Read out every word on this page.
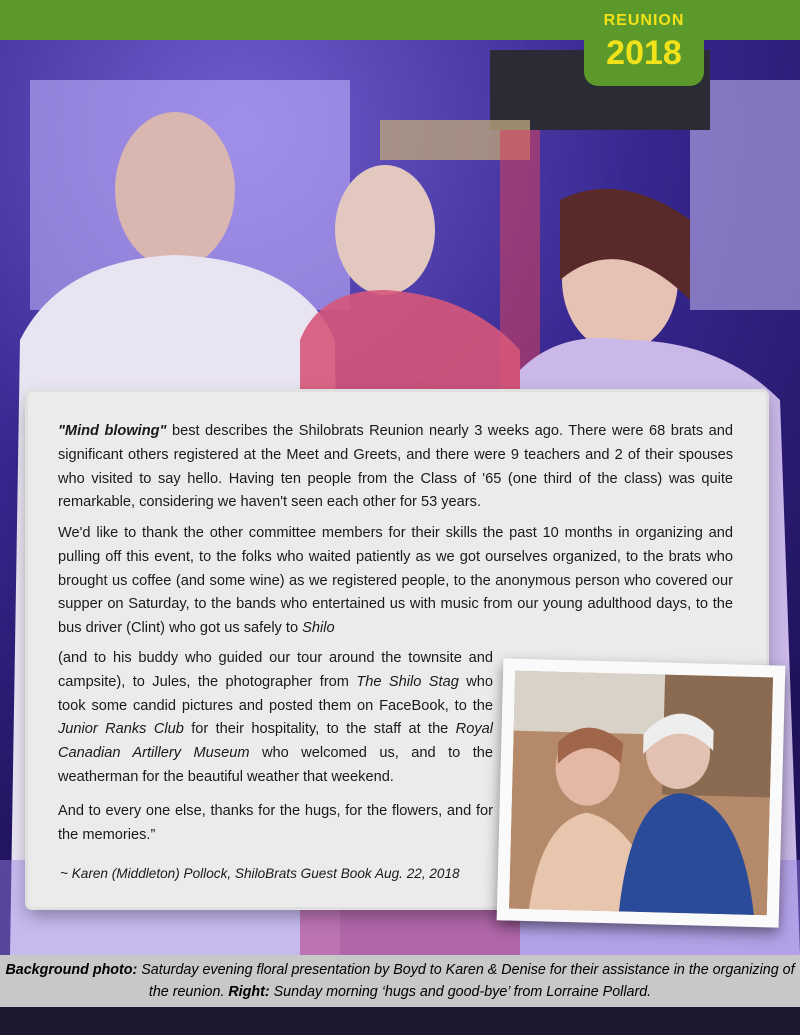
REUNION
2018

"Mind blowing" best describes the Shilobrats Reunion nearly 3 weeks ago. There were 68 brats and significant others registered at the Meet and Greets, and there were 9 teachers and 2 of their spouses who visited to say hello. Having ten people from the Class of '65 (one third of the class) was quite remarkable, considering we haven't seen each other for 53 years.

We'd like to thank the other committee members for their skills the past 10 months in organizing and pulling off this event, to the folks who waited patiently as we got ourselves organized, to the brats who brought us coffee (and some wine) as we registered people, to the anonymous person who covered our supper on Saturday, to the bands who entertained us with music from our young adulthood days, to the bus driver (Clint) who got us safely to Shilo

(and to his buddy who guided our tour around the townsite and campsite), to Jules, the photographer from The Shilo Stag who took some candid pictures and posted them on FaceBook, to the Junior Ranks Club for their hospitality, to the staff at the Royal Canadian Artillery Museum who welcomed us, and to the weatherman for the beautiful weather that weekend.

And to every one else, thanks for the hugs, for the flowers, and for the memories.”

~ Karen (Middleton) Pollock, ShiloBrats Guest Book Aug. 22, 2018

Background photo: Saturday evening floral presentation by Boyd to Karen & Denise for their assistance in the organizing of the reunion. Right: Sunday morning ‘hugs and good-bye’ from Lorraine Pollard.
